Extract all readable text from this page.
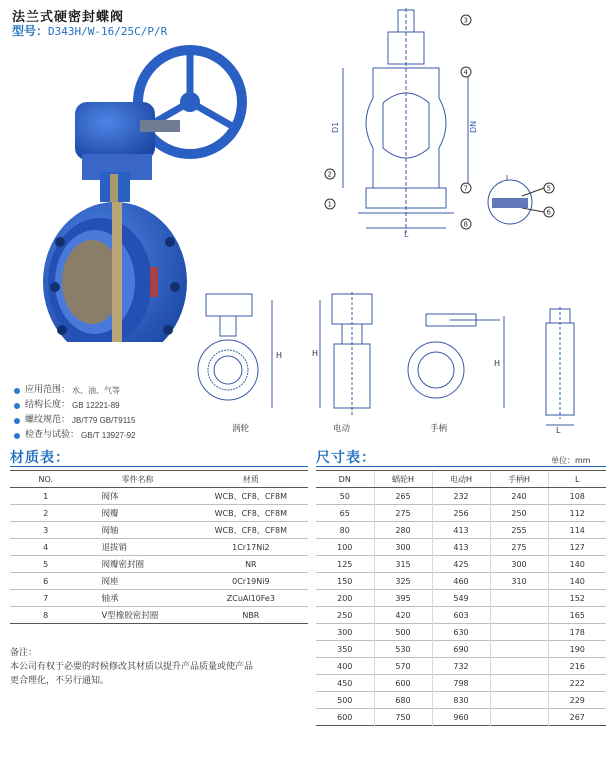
法兰式硬密封蝶阀
型号：D343H/W-16/25C/P/R
D1	DN
L
3
4
2
1
7
8
5
6
I
H
涡轮
H
电动
H
手柄	L
应用范围： 水、油、气等
结构长度： GB 12221-89
螺纹规范： JB/T79 GB/T9115
检查与试验： GB/T 13927-92
材质表：
NO.	零件名称	材质
1	阀体	WCB、CF8、CF8M
2	阀瓣	WCB、CF8、CF8M
3	阀轴	WCB、CF8、CF8M
4	退拔销	1Cr17Ni2
5	阀瓣密封圈	NR
6	阀座	0Cr19Ni9
7	轴承	ZCuAl10Fe3
8	V型橡胶密封圈	NBR
备注：
本公司有权于必要的时候修改其材质以提升产品质量或使产品
更合理化，不另行通知。
尺寸表：	单位：mm
DN	蜗轮H	电动H	手柄H	L
50	265	232	240	108
65	275	256	250	112
80	280	413	255	114
100	300	413	275	127
125	315	425	300	140
150	325	460	310	140
200	395	549		152
250	420	603		165
300	500	630		178
350	530	690		190
400	570	732		216
450	600	798		222
500	680	830		229
600	750	960		267
